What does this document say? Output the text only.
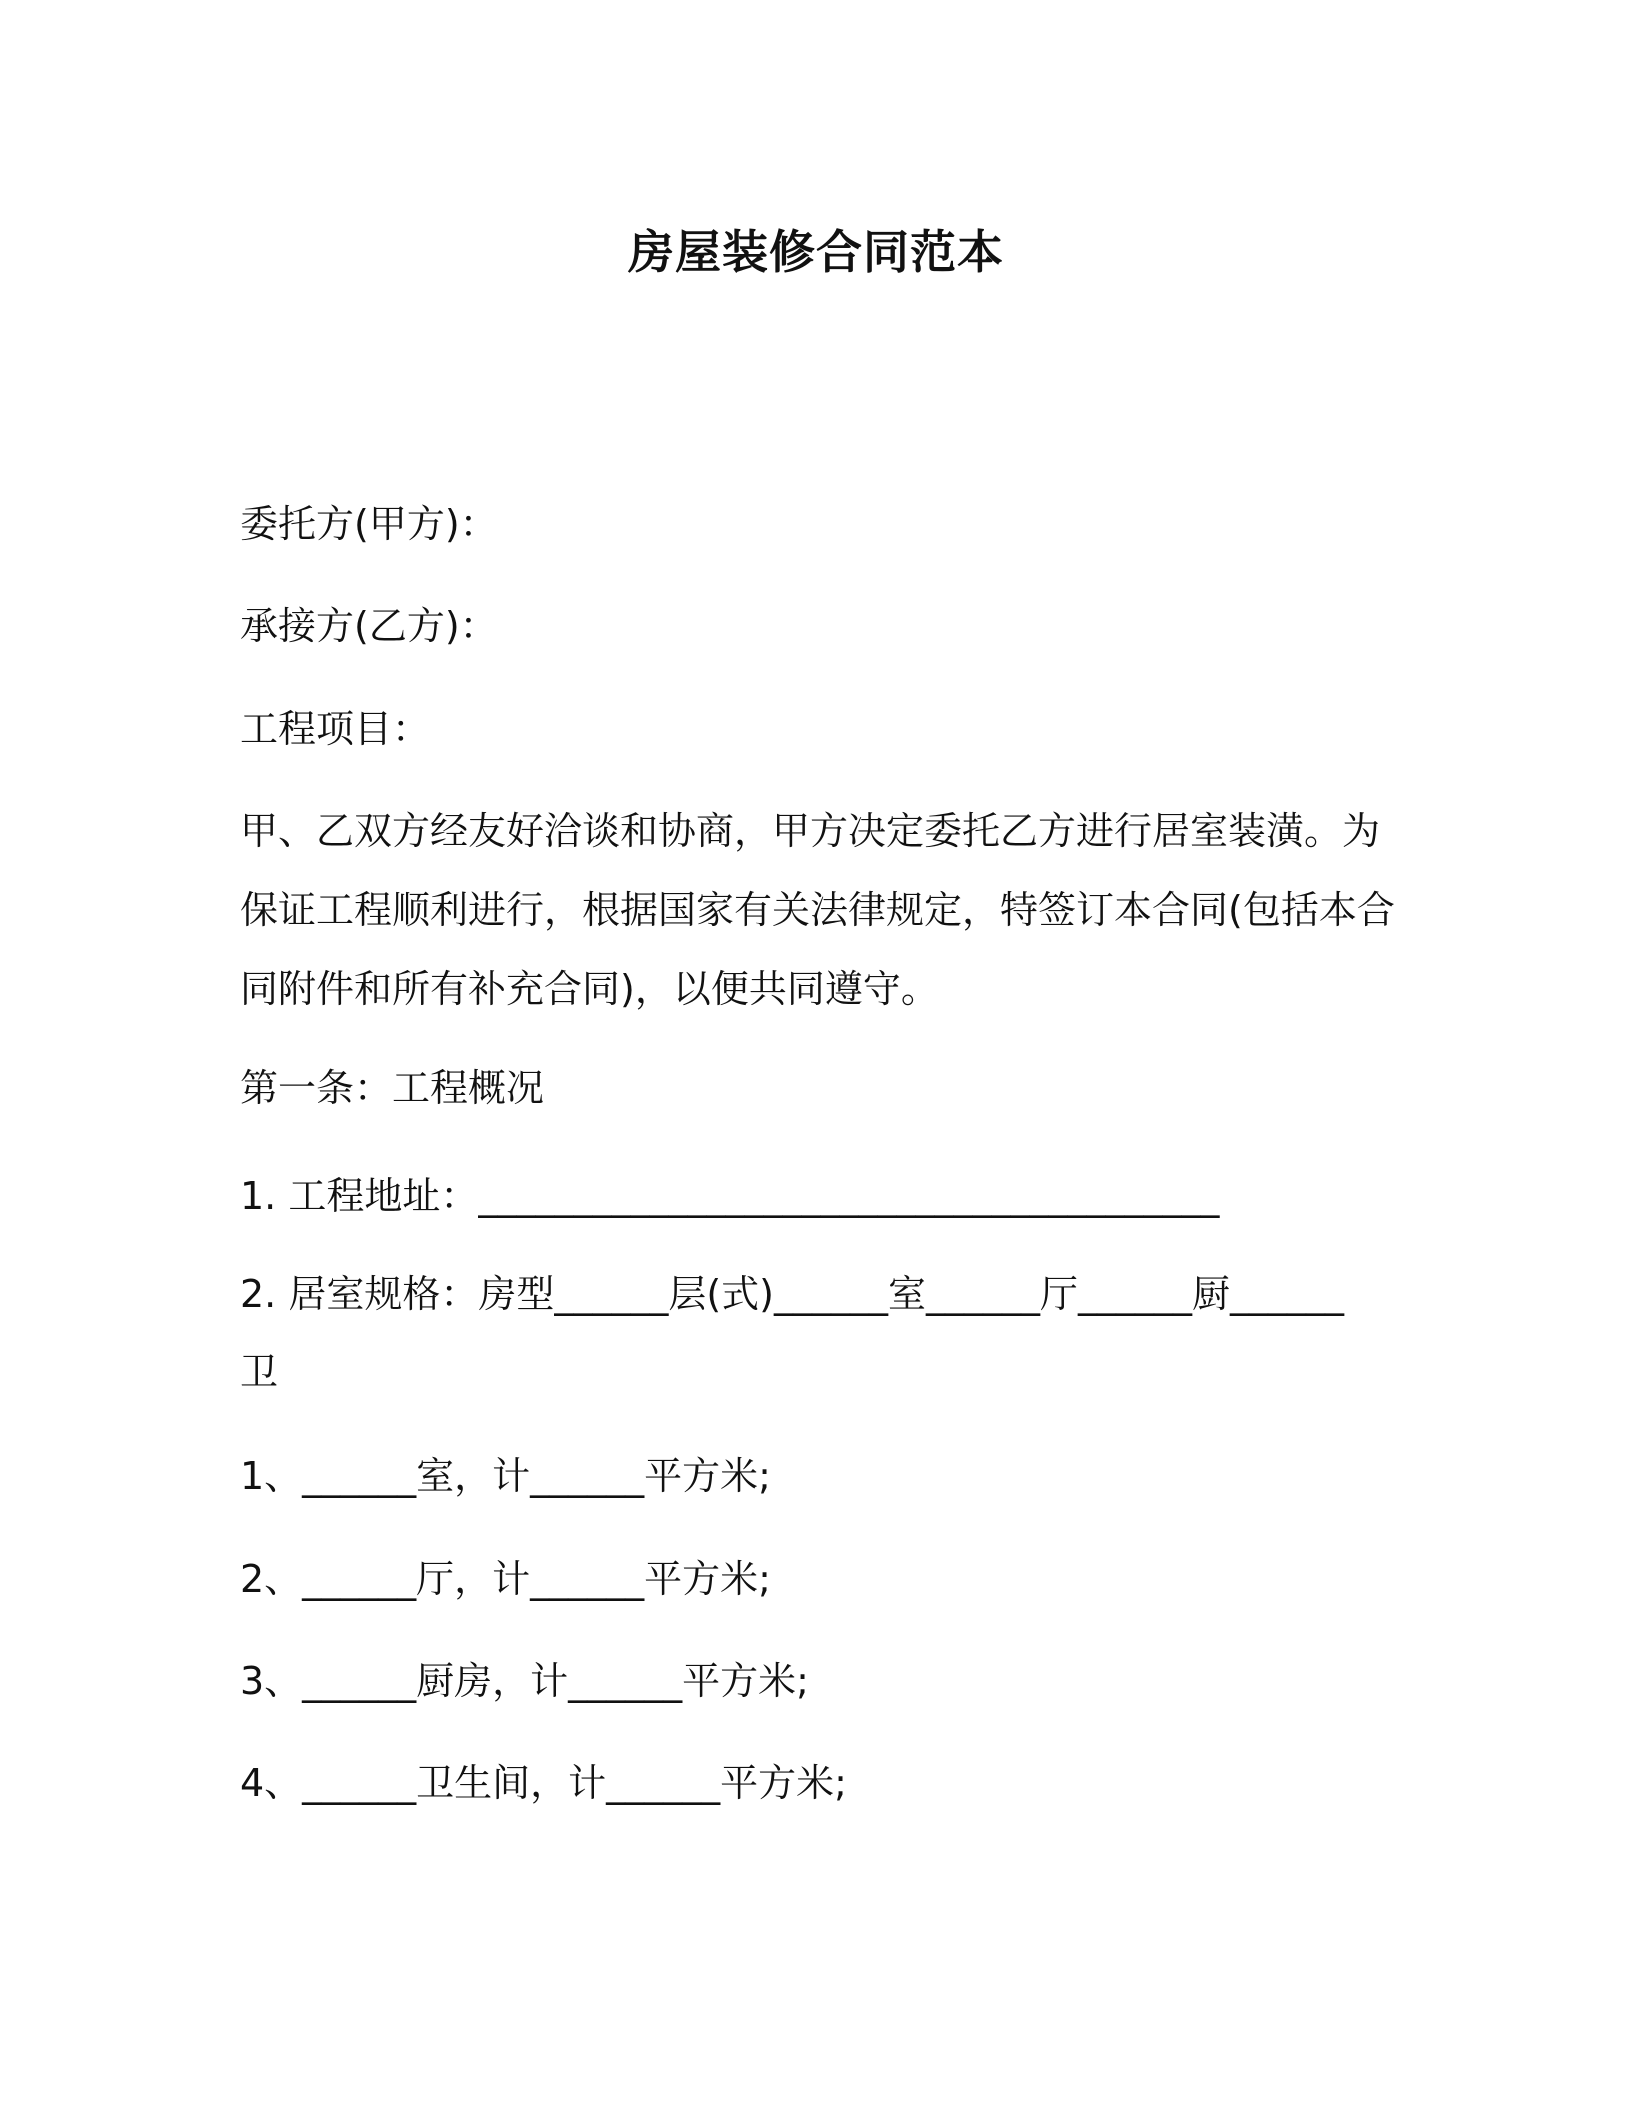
房屋装修合同范本
委托方(甲方)：
承接方(乙方)：
工程项目：
甲、乙双方经友好洽谈和协商，甲方决定委托乙方进行居室装潢。为
保证工程顺利进行，根据国家有关法律规定，特签订本合同(包括本合
同附件和所有补充合同)，以便共同遵守。
第一条：工程概况
1. 工程地址：_______________________________________
2. 居室规格：房型______层(式)______室______厅______厨______
卫
1、______室，计______平方米;
2、______厅，计______平方米;
3、______厨房，计______平方米;
4、______卫生间，计______平方米;
